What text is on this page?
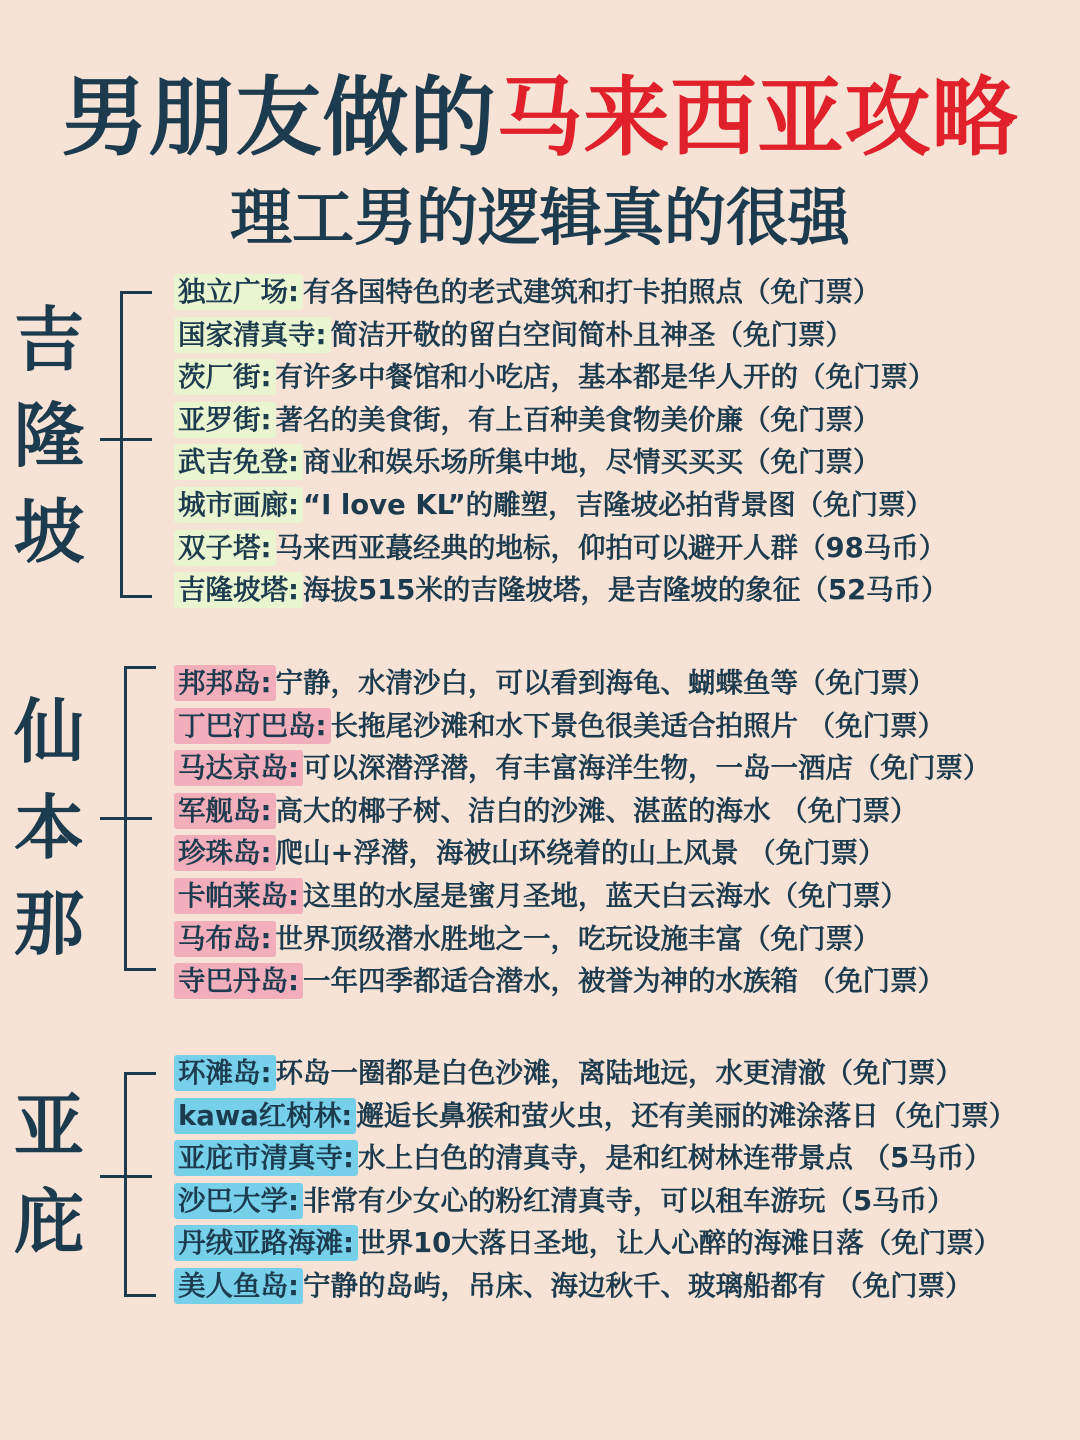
男朋友做的马来西亚攻略
理工男的逻辑真的很强
吉
隆
坡
独立广场: 有各国特色的老式建筑和打卡拍照点（免门票）
国家清真寺: 简洁开敬的留白空间简朴且神圣（免门票）
茨厂街: 有许多中餐馆和小吃店，基本都是华人开的（免门票）
亚罗街: 著名的美食街，有上百种美食物美价廉（免门票）
武吉免登: 商业和娱乐场所集中地，尽情买买买（免门票）
城市画廊: “I love KL”的雕塑，吉隆坡必拍背景图（免门票）
双子塔: 马来西亚蕞经典的地标，仰拍可以避开人群（98马币）
吉隆坡塔: 海拔515米的吉隆坡塔，是吉隆坡的象征（52马币）
仙
本
那
邦邦岛: 宁静，水清沙白，可以看到海龟、蝴蝶鱼等（免门票）
丁巴汀巴岛: 长拖尾沙滩和水下景色很美适合拍照片 （免门票）
马达京岛: 可以深潜浮潜，有丰富海洋生物，一岛一酒店（免门票）
军舰岛: 高大的椰子树、洁白的沙滩、湛蓝的海水 （免门票）
珍珠岛: 爬山+浮潜，海被山环绕着的山上风景 （免门票）
卡帕莱岛: 这里的水屋是蜜月圣地，蓝天白云海水（免门票）
马布岛: 世界顶级潜水胜地之一，吃玩设施丰富（免门票）
寺巴丹岛: 一年四季都适合潜水，被誉为神的水族箱 （免门票）
亚
庇
环滩岛: 环岛一圈都是白色沙滩，离陆地远，水更清澈（免门票）
kawa红树林: 邂逅长鼻猴和萤火虫，还有美丽的滩涂落日（免门票）
亚庇市清真寺: 水上白色的清真寺，是和红树林连带景点 （5马币）
沙巴大学: 非常有少女心的粉红清真寺，可以租车游玩（5马币）
丹绒亚路海滩: 世界10大落日圣地，让人心醉的海滩日落（免门票）
美人鱼岛: 宁静的岛屿，吊床、海边秋千、玻璃船都有 （免门票）
